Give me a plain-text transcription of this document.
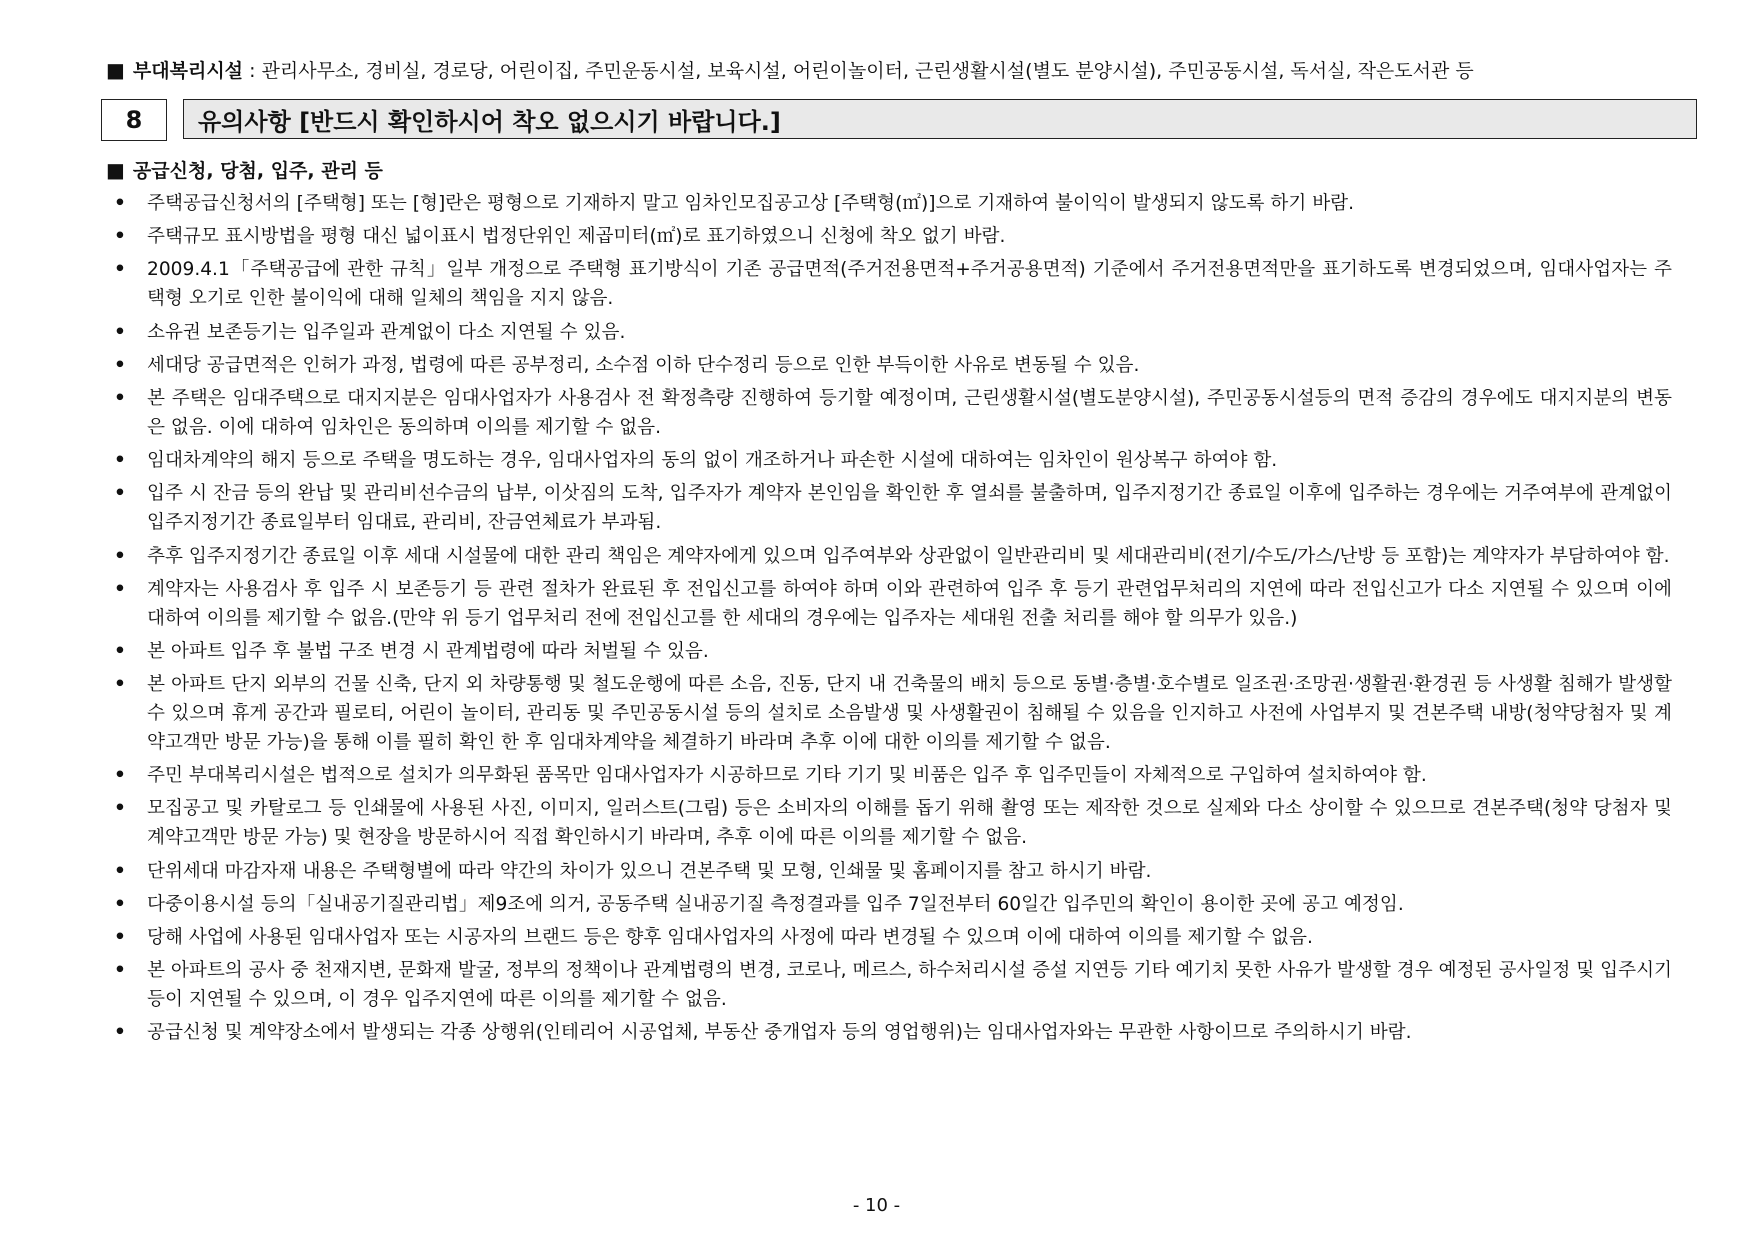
■ 부대복리시설 : 관리사무소, 경비실, 경로당, 어린이집, 주민운동시설, 보육시설, 어린이놀이터, 근린생활시설(별도 분양시설), 주민공동시설, 독서실, 작은도서관 등
8	유의사항 [반드시 확인하시어 착오 없으시기 바랍니다.]
■ 공급신청, 당첨, 입주, 관리 등
• 주택공급신청서의 [주택형] 또는 [형]란은 평형으로 기재하지 말고 임차인모집공고상 [주택형(㎡)]으로 기재하여 불이익이 발생되지 않도록 하기 바람.
• 주택규모 표시방법을 평형 대신 넓이표시 법정단위인 제곱미터(㎡)로 표기하였으니 신청에 착오 없기 바람.
• 2009.4.1「주택공급에 관한 규칙」일부 개정으로 주택형 표기방식이 기존 공급면적(주거전용면적+주거공용면적) 기준에서 주거전용면적만을 표기하도록 변경되었으며, 임대사업자는 주택형 오기로 인한 불이익에 대해 일체의 책임을 지지 않음.
• 소유권 보존등기는 입주일과 관계없이 다소 지연될 수 있음.
• 세대당 공급면적은 인허가 과정, 법령에 따른 공부정리, 소수점 이하 단수정리 등으로 인한 부득이한 사유로 변동될 수 있음.
• 본 주택은 임대주택으로 대지지분은 임대사업자가 사용검사 전 확정측량 진행하여 등기할 예정이며, 근린생활시설(별도분양시설), 주민공동시설등의 면적 증감의 경우에도 대지지분의 변동은 없음. 이에 대하여 임차인은 동의하며 이의를 제기할 수 없음.
• 임대차계약의 해지 등으로 주택을 명도하는 경우, 임대사업자의 동의 없이 개조하거나 파손한 시설에 대하여는 임차인이 원상복구 하여야 함.
• 입주 시 잔금 등의 완납 및 관리비선수금의 납부, 이삿짐의 도착, 입주자가 계약자 본인임을 확인한 후 열쇠를 불출하며, 입주지정기간 종료일 이후에 입주하는 경우에는 거주여부에 관계없이 입주지정기간 종료일부터 임대료, 관리비, 잔금연체료가 부과됨.
• 추후 입주지정기간 종료일 이후 세대 시설물에 대한 관리 책임은 계약자에게 있으며 입주여부와 상관없이 일반관리비 및 세대관리비(전기/수도/가스/난방 등 포함)는 계약자가 부담하여야 함.
• 계약자는 사용검사 후 입주 시 보존등기 등 관련 절차가 완료된 후 전입신고를 하여야 하며 이와 관련하여 입주 후 등기 관련업무처리의 지연에 따라 전입신고가 다소 지연될 수 있으며 이에 대하여 이의를 제기할 수 없음.(만약 위 등기 업무처리 전에 전입신고를 한 세대의 경우에는 입주자는 세대원 전출 처리를 해야 할 의무가 있음.)
• 본 아파트 입주 후 불법 구조 변경 시 관계법령에 따라 처벌될 수 있음.
• 본 아파트 단지 외부의 건물 신축, 단지 외 차량통행 및 철도운행에 따른 소음, 진동, 단지 내 건축물의 배치 등으로 동별·층별·호수별로 일조권·조망권·생활권·환경권 등 사생활 침해가 발생할 수 있으며 휴게 공간과 필로티, 어린이 놀이터, 관리동 및 주민공동시설 등의 설치로 소음발생 및 사생활권이 침해될 수 있음을 인지하고 사전에 사업부지 및 견본주택 내방(청약당첨자 및 계약고객만 방문 가능)을 통해 이를 필히 확인 한 후 임대차계약을 체결하기 바라며 추후 이에 대한 이의를 제기할 수 없음.
• 주민 부대복리시설은 법적으로 설치가 의무화된 품목만 임대사업자가 시공하므로 기타 기기 및 비품은 입주 후 입주민들이 자체적으로 구입하여 설치하여야 함.
• 모집공고 및 카탈로그 등 인쇄물에 사용된 사진, 이미지, 일러스트(그림) 등은 소비자의 이해를 돕기 위해 촬영 또는 제작한 것으로 실제와 다소 상이할 수 있으므로 견본주택(청약 당첨자 및 계약고객만 방문 가능) 및 현장을 방문하시어 직접 확인하시기 바라며, 추후 이에 따른 이의를 제기할 수 없음.
• 단위세대 마감자재 내용은 주택형별에 따라 약간의 차이가 있으니 견본주택 및 모형, 인쇄물 및 홈페이지를 참고 하시기 바람.
• 다중이용시설 등의「실내공기질관리법」제9조에 의거, 공동주택 실내공기질 측정결과를 입주 7일전부터 60일간 입주민의 확인이 용이한 곳에 공고 예정임.
• 당해 사업에 사용된 임대사업자 또는 시공자의 브랜드 등은 향후 임대사업자의 사정에 따라 변경될 수 있으며 이에 대하여 이의를 제기할 수 없음.
• 본 아파트의 공사 중 천재지변, 문화재 발굴, 정부의 정책이나 관계법령의 변경, 코로나, 메르스, 하수처리시설 증설 지연등 기타 예기치 못한 사유가 발생할 경우 예정된 공사일정 및 입주시기 등이 지연될 수 있으며, 이 경우 입주지연에 따른 이의를 제기할 수 없음.
• 공급신청 및 계약장소에서 발생되는 각종 상행위(인테리어 시공업체, 부동산 중개업자 등의 영업행위)는 임대사업자와는 무관한 사항이므로 주의하시기 바람.
- 10 -
